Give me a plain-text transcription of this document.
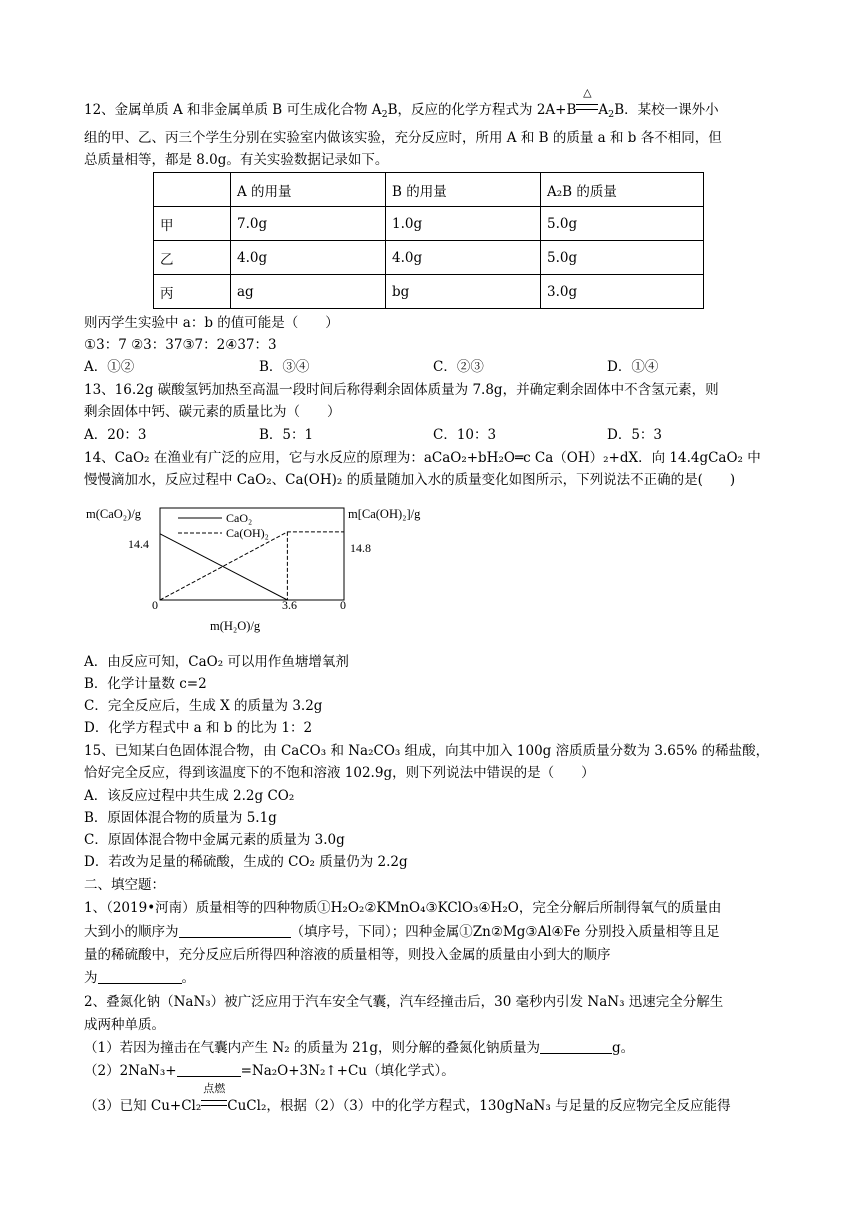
12、金属单质 A 和非金属单质 B 可生成化合物 $A_2B$，反应的化学方程式为 2A+B
△
$A_2B$．某校一课外小
组的甲、乙、丙三个学生分别在实验室内做该实验，充分反应时，所用 A 和 B 的质量 a 和 b 各不相同，但
总质量相等，都是 8.0g。有关实验数据记录如下。
	A 的用量	B 的用量	A₂B 的质量
甲	7.0g	1.0g	5.0g
乙	4.0g	4.0g	5.0g
丙	ag	bg	3.0g
则丙学生实验中 a：b 的值可能是（　　）
①3：7 ②3：37③7：2④37：3
A．①②	B．③④	C．②③	D．①④
13、16.2g 碳酸氢钙加热至高温一段时间后称得剩余固体质量为 7.8g，并确定剩余固体中不含氢元素，则
剩余固体中钙、碳元素的质量比为（　　）
A．20：3	B．5：1	C．10：3	D．5：3
14、CaO₂ 在渔业有广泛的应用，它与水反应的原理为：aCaO₂+bH₂O═c Ca（OH）₂+dX．向 14.4gCaO₂ 中
慢慢滴加水，反应过程中 CaO₂、Ca(OH)₂ 的质量随加入水的质量变化如图所示，下列说法不正确的是(　　)
m(CaO₂)/g	m[Ca(OH)₂]/g
14.4	14.8
0	0
3.6
m(H₂O)/g
CaO₂
Ca(OH)₂
A．由反应可知，CaO₂ 可以用作鱼塘增氧剂
B．化学计量数 c=2
C．完全反应后，生成 X 的质量为 3.2g
D．化学方程式中 a 和 b 的比为 1：2
15、已知某白色固体混合物，由 CaCO₃ 和 Na₂CO₃ 组成，向其中加入 100g 溶质质量分数为 3.65% 的稀盐酸，
恰好完全反应，得到该温度下的不饱和溶液 102.9g，则下列说法中错误的是（　　）
A．该反应过程中共生成 2.2g CO₂
B．原固体混合物的质量为 5.1g
C．原固体混合物中金属元素的质量为 3.0g
D．若改为足量的稀硫酸，生成的 CO₂ 质量仍为 2.2g
二、填空题：
1、（2019•河南）质量相等的四种物质①H₂O₂②KMnO₄③KClO₃④H₂O，完全分解后所制得氧气的质量由
大到小的顺序为	（填序号，下同）；四种金属①Zn②Mg③Al④Fe 分别投入质量相等且足
量的稀硫酸中，充分反应后所得四种溶液的质量相等，则投入金属的质量由小到大的顺序
为	。
2、叠氮化钠（NaN₃）被广泛应用于汽车安全气囊，汽车经撞击后，30 毫秒内引发 NaN₃ 迅速完全分解生
成两种单质。
（1）若因为撞击在气囊内产生 N₂ 的质量为 21g，则分解的叠氮化钠质量为	g。
（2）2NaN₃+	=Na₂O+3N₂↑+Cu（填化学式）。
（3）已知 Cu+Cl₂
点燃
CuCl₂，根据（2）（3）中的化学方程式，130gNaN₃ 与足量的反应物完全反应能得
